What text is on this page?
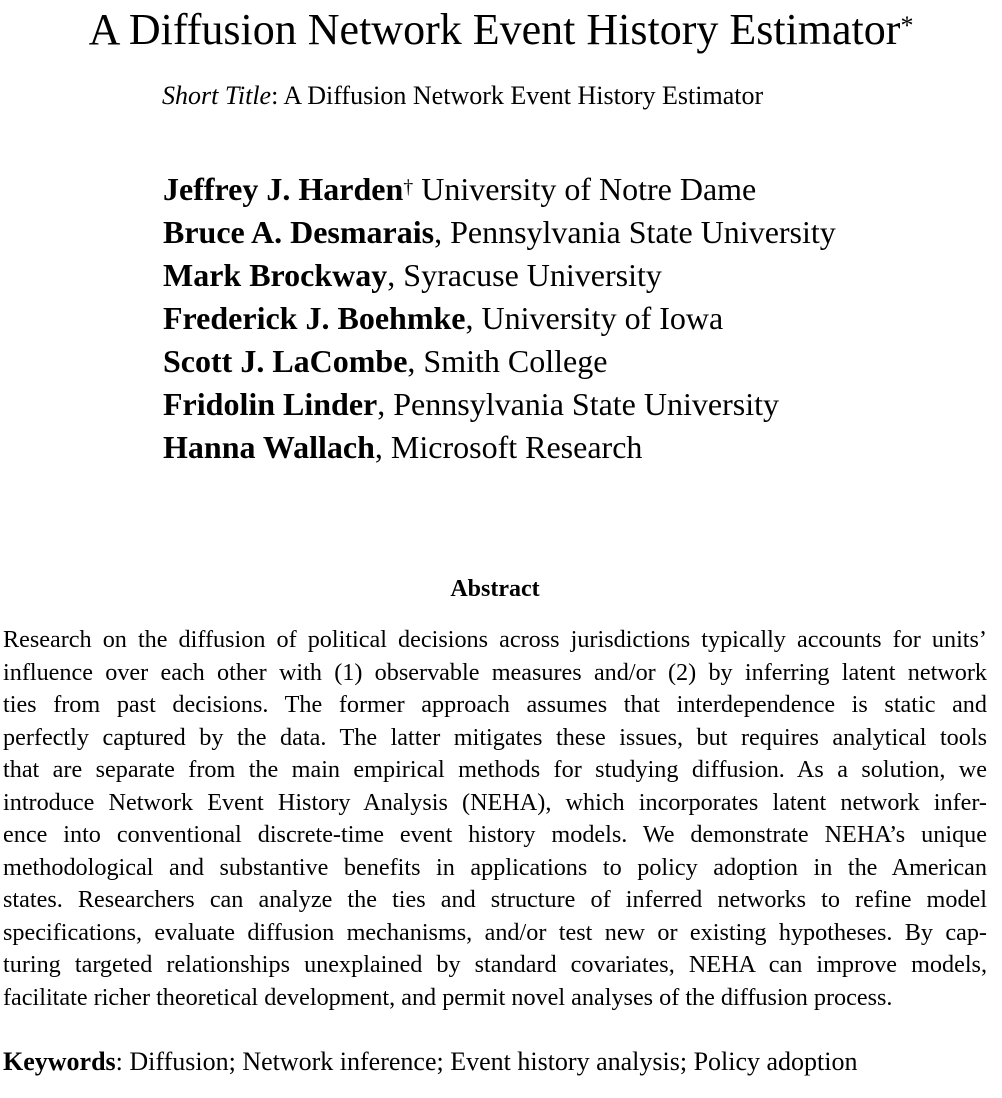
A Diffusion Network Event History Estimator*
Short Title: A Diffusion Network Event History Estimator
Jeffrey J. Harden† University of Notre Dame
Bruce A. Desmarais, Pennsylvania State University
Mark Brockway, Syracuse University
Frederick J. Boehmke, University of Iowa
Scott J. LaCombe, Smith College
Fridolin Linder, Pennsylvania State University
Hanna Wallach, Microsoft Research
Abstract
Research on the diffusion of political decisions across jurisdictions typically accounts for units’
influence over each other with (1) observable measures and/or (2) by inferring latent network
ties from past decisions. The former approach assumes that interdependence is static and
perfectly captured by the data. The latter mitigates these issues, but requires analytical tools
that are separate from the main empirical methods for studying diffusion. As a solution, we
introduce Network Event History Analysis (NEHA), which incorporates latent network infer-
ence into conventional discrete-time event history models. We demonstrate NEHA’s unique
methodological and substantive benefits in applications to policy adoption in the American
states. Researchers can analyze the ties and structure of inferred networks to refine model
specifications, evaluate diffusion mechanisms, and/or test new or existing hypotheses. By cap-
turing targeted relationships unexplained by standard covariates, NEHA can improve models,
facilitate richer theoretical development, and permit novel analyses of the diffusion process.
Keywords: Diffusion; Network inference; Event history analysis; Policy adoption
